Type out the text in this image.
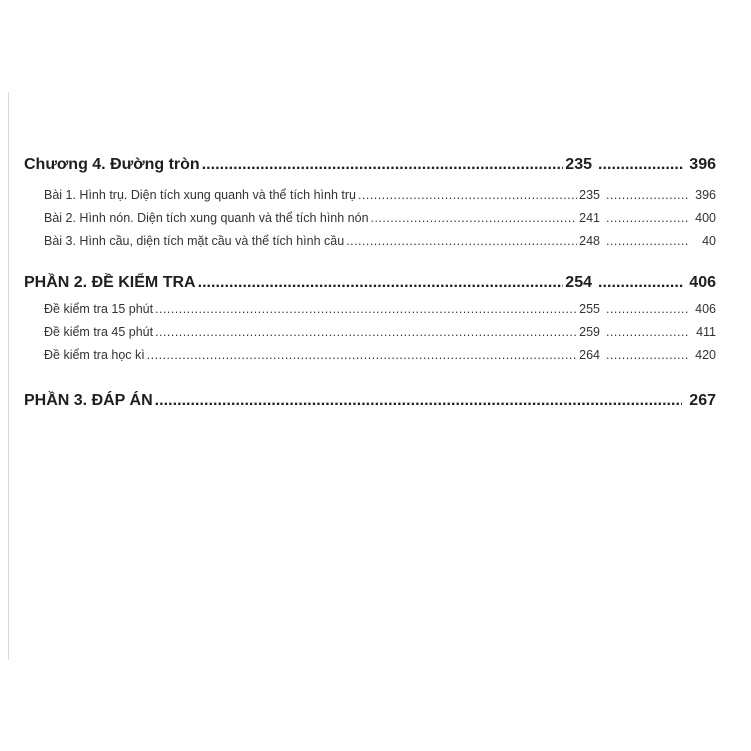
Chương 4. Đường tròn . . .	235 . . .	396
Bài 1. Hình trụ. Diện tích xung quanh và thể tích hình trụ . . .	235 . . .	396
Bài 2. Hình nón. Diện tích xung quanh và thể tích hình nón . . .	241 . . .	400
Bài 3. Hình cầu, diện tích mặt cầu và thể tích hình cầu . . .	248 . . .	40
PHẦN 2. ĐỀ KIỂM TRA . . .	254 . . .	406
Đề kiểm tra 15 phút . . .	255 . . .	406
Đề kiểm tra 45 phút . . .	259 . . .	411
Đề kiểm tra học kì . . .	264 . . .	420
PHẦN 3. ĐÁP ÁN . . .	267
